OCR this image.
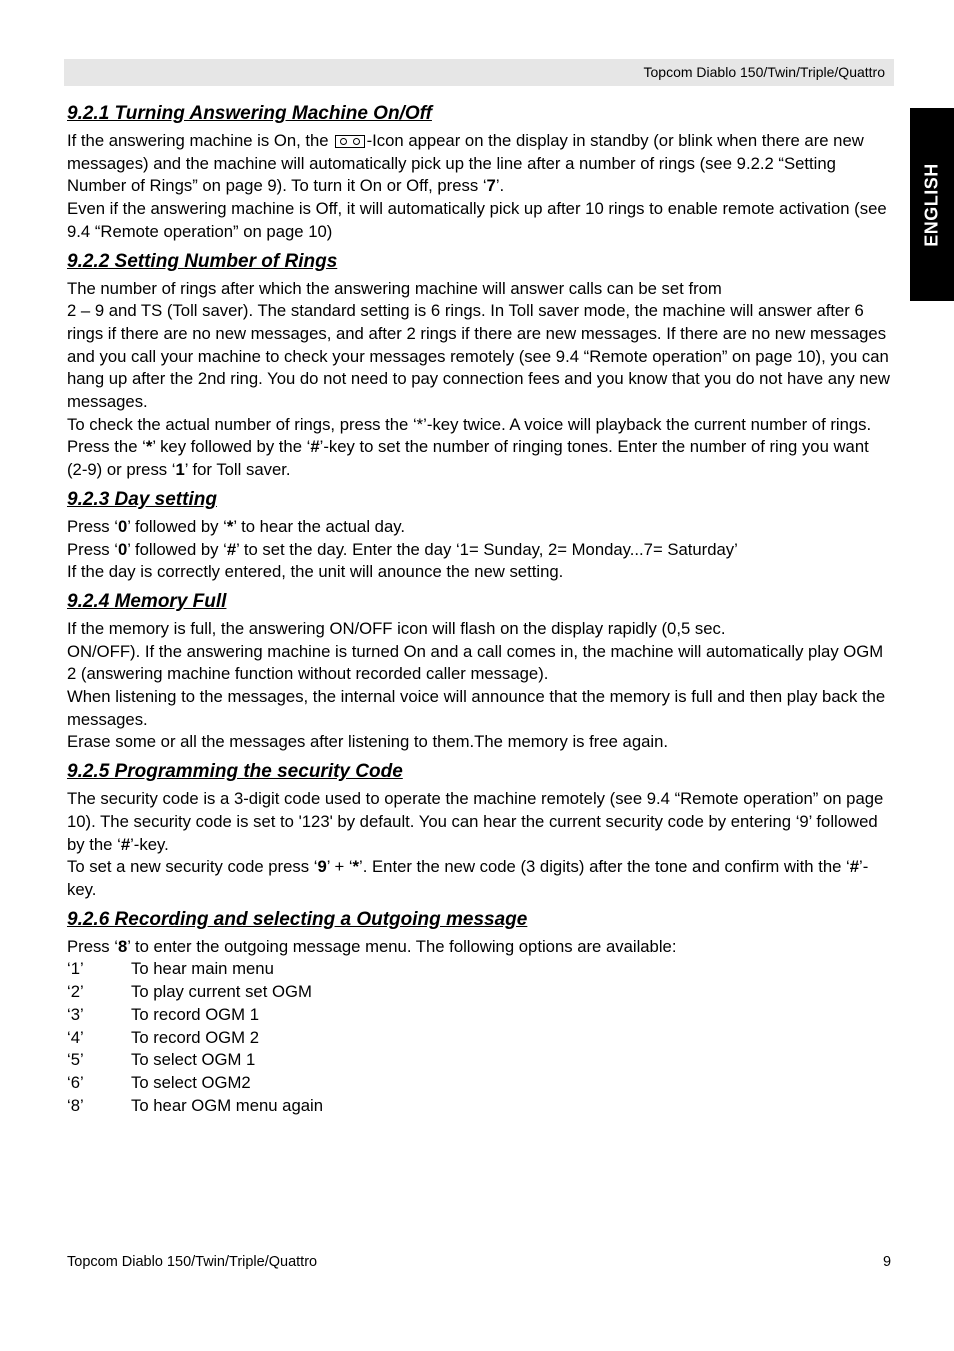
Topcom Diablo 150/Twin/Triple/Quattro
ENGLISH
9.2.1 Turning Answering Machine On/Off

If the answering machine is On, the -Icon appear on the display in standby (or blink when there are new messages) and the machine will automatically pick up the line after a number of rings (see 9.2.2 “Setting Number of Rings” on page 9). To turn it On or Off, press ‘7’.

Even if the answering machine is Off, it will automatically pick up after 10 rings to enable remote activation (see 9.4 “Remote operation” on page 10)

9.2.2 Setting Number of Rings

The number of rings after which the answering machine will answer calls can be set from

2 – 9 and TS (Toll saver). The standard setting is 6 rings. In Toll saver mode, the machine will answer after 6 rings if there are no new messages, and after 2 rings if there are new messages. If there are no new messages and you call your machine to check your messages remotely (see 9.4 “Remote operation” on page 10), you can hang up after the 2nd ring. You do not need to pay connection fees and you know that you do not have any new messages.

To check the actual number of rings, press the ‘*’-key twice. A voice will playback the current number of rings.

Press the ‘*’ key followed by the ‘#’-key to set the number of ringing tones. Enter the number of ring you want (2-9) or press ‘1’ for Toll saver.

9.2.3 Day setting

Press ‘0’ followed by ‘*’ to hear the actual day.

Press ‘0’ followed by ‘#’ to set the day. Enter the day ‘1= Sunday, 2= Monday...7= Saturday’

If the day is correctly entered, the unit will anounce the new setting.

9.2.4 Memory Full

If the memory is full, the answering ON/OFF icon will flash on the display rapidly (0,5 sec.

ON/OFF). If the answering machine is turned On and a call comes in, the machine will automatically play OGM 2 (answering machine function without recorded caller message).

When listening to the messages, the internal voice will announce that the memory is full and then play back the messages.

Erase some or all the messages after listening to them.The memory is free again.

9.2.5 Programming the security Code

The security code is a 3-digit code used to operate the machine remotely (see 9.4 “Remote operation” on page 10). The security code is set to '123' by default. You can hear the current security code by entering ‘9’ followed by the ‘#’-key.

To set a new security code press ‘9’ + ‘*’. Enter the new code (3 digits) after the tone and confirm with the ‘#’-key.

9.2.6 Recording and selecting a Outgoing message

Press ‘8’ to enter the outgoing message menu. The following options are available:

‘1’	To hear main menu
‘2’	To play current set OGM
‘3’	To record OGM 1
‘4’	To record OGM 2
‘5’	To select OGM 1
‘6’	To select OGM2
‘8’	To hear OGM menu again
Topcom Diablo 150/Twin/Triple/Quattro	9
